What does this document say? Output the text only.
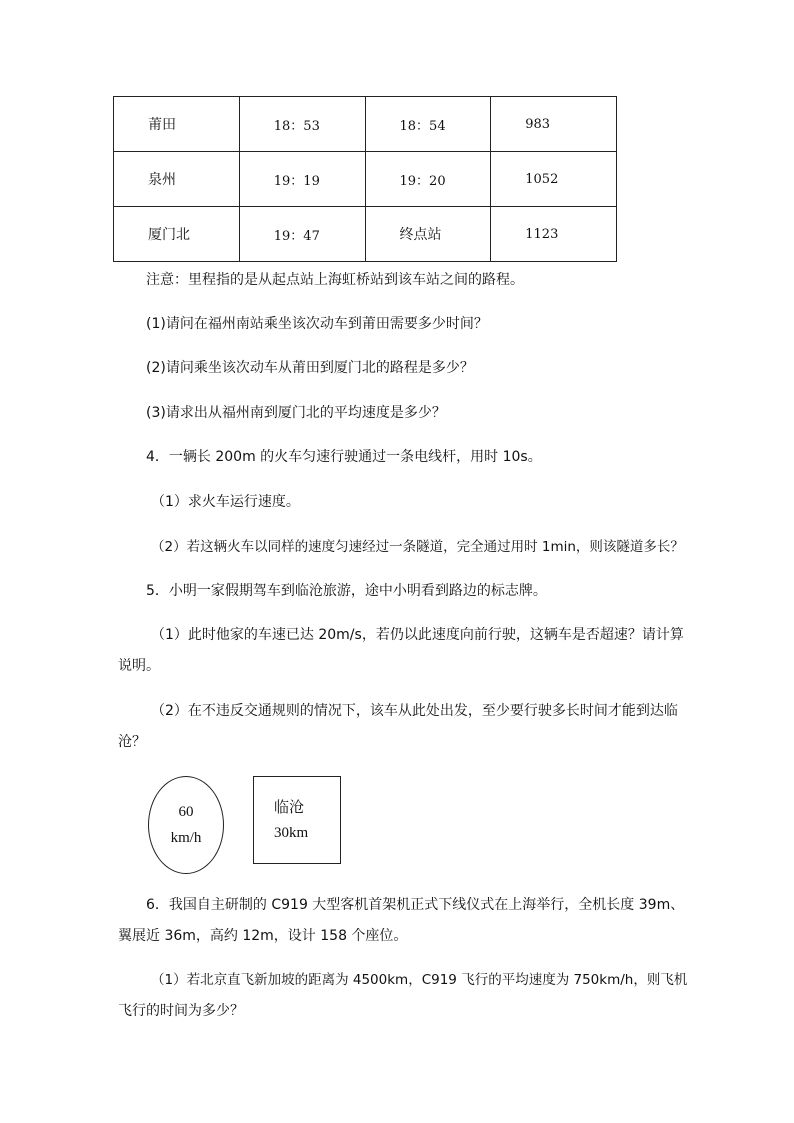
莆田	18：53	18：54	983
泉州	19：19	19：20	1052
厦门北	19：47	终点站	1123
注意：里程指的是从起点站上海虹桥站到该车站之间的路程。
(1)请问在福州南站乘坐该次动车到莆田需要多少时间？
(2)请问乘坐该次动车从莆田到厦门北的路程是多少？
(3)请求出从福州南到厦门北的平均速度是多少？
4．一辆长 200m 的火车匀速行驶通过一条电线杆，用时 10s。
（1）求火车运行速度。
（2）若这辆火车以同样的速度匀速经过一条隧道，完全通过用时 1min，则该隧道多长？
5．小明一家假期驾车到临沧旅游，途中小明看到路边的标志牌。
（1）此时他家的车速已达 20m/s，若仍以此速度向前行驶，这辆车是否超速？请计算
说明。
（2）在不违反交通规则的情况下，该车从此处出发，至少要行驶多长时间才能到达临
沧？
60
km/h
临沧
30km
6．我国自主研制的 C919 大型客机首架机正式下线仪式在上海举行，全机长度 39m、
翼展近 36m，高约 12m，设计 158 个座位。
（1）若北京直飞新加坡的距离为 4500km，C919 飞行的平均速度为 750km/h，则飞机
飞行的时间为多少？
